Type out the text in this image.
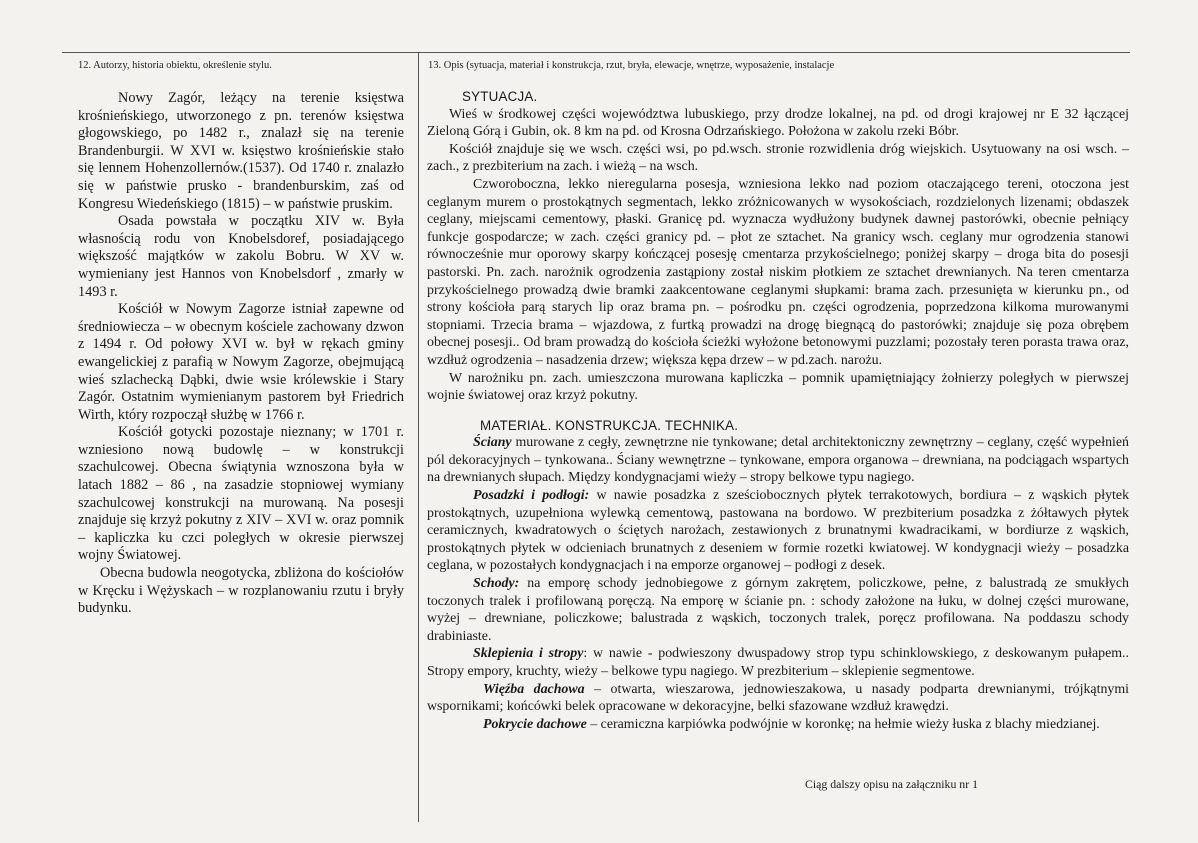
12. Autorzy, historia obiektu, określenie stylu.	13. Opis (sytuacja, materiał i konstrukcja, rzut, bryła, elewacje, wnętrze, wyposażenie, instalacje

Nowy Zagór, leżący na terenie księstwa krośnieńskiego, utworzonego z pn. terenów księstwa głogowskiego, po 1482 r., znalazł się na terenie Brandenburgii. W XVI w. księstwo krośnieńskie stało się lennem Hohenzollernów.(1537). Od 1740 r. znalazło się w państwie prusko - brandenburskim, zaś od Kongresu Wiedeńskiego (1815) – w państwie pruskim.

Osada powstała w początku XIV w. Była własnością rodu von Knobelsdoref, posiadającego większość majątków w zakolu Bobru. W XV w. wymieniany jest Hannos von Knobelsdorf , zmarły w 1493 r.

Kościół w Nowym Zagorze istniał zapewne od średniowiecza – w obecnym kościele zachowany dzwon z 1494 r. Od połowy XVI w. był w rękach gminy ewangelickiej z parafią w Nowym Zagorze, obejmującą wieś szlachecką Dąbki, dwie wsie królewskie i Stary Zagór. Ostatnim wymienianym pastorem był Friedrich Wirth, który rozpoczął służbę w 1766 r.

Kościół gotycki pozostaje nieznany; w 1701 r. wzniesiono nową budowlę – w konstrukcji szachulcowej. Obecna świątynia wznoszona była w latach 1882 – 86 , na zasadzie stopniowej wymiany szachulcowej konstrukcji na murowaną. Na posesji znajduje się krzyż pokutny z XIV – XVI w. oraz pomnik – kapliczka ku czci poległych w okresie pierwszej wojny Światowej.

Obecna budowla neogotycka, zbliżona do kościołów w Kręcku i Wężyskach – w rozplanowaniu rzutu i bryły budynku.

SYTUACJA.

Wieś w środkowej części województwa lubuskiego, przy drodze lokalnej, na pd. od drogi krajowej nr E 32 łączącej Zieloną Górą i Gubin, ok. 8 km na pd. od Krosna Odrzańskiego. Położona w zakolu rzeki Bóbr.

Kościół znajduje się we wsch. części wsi, po pd.wsch. stronie rozwidlenia dróg wiejskich. Usytuowany na osi wsch. – zach., z prezbiterium na zach. i wieżą – na wsch.

Czworoboczna, lekko nieregularna posesja, wzniesiona lekko nad poziom otaczającego tereni, otoczona jest ceglanym murem o prostokątnych segmentach, lekko zróżnicowanych w wysokościach, rozdzielonych lizenami; obdaszek ceglany, miejscami cementowy, płaski. Granicę pd. wyznacza wydłużony budynek dawnej pastorówki, obecnie pełniący funkcje gospodarcze; w zach. części granicy pd. – płot ze sztachet. Na granicy wsch. ceglany mur ogrodzenia stanowi równocześnie mur oporowy skarpy kończącej posesję cmentarza przykościelnego; poniżej skarpy – droga bita do posesji pastorski. Pn. zach. narożnik ogrodzenia zastąpiony został niskim płotkiem ze sztachet drewnianych. Na teren cmentarza przykościelnego prowadzą dwie bramki zaakcentowane ceglanymi słupkami: brama zach. przesunięta w kierunku pn., od strony kościoła parą starych lip oraz brama pn. – pośrodku pn. części ogrodzenia, poprzedzona kilkoma murowanymi stopniami. Trzecia brama – wjazdowa, z furtką prowadzi na drogę biegnącą do pastorówki; znajduje się poza obrębem obecnej posesji.. Od bram prowadzą do kościoła ścieżki wyłożone betonowymi puzzlami; pozostały teren porasta trawa oraz, wzdłuż ogrodzenia – nasadzenia drzew; większa kępa drzew – w pd.zach. narożu.

W narożniku pn. zach. umieszczona murowana kapliczka – pomnik upamiętniający żołnierzy poległych w pierwszej wojnie światowej oraz krzyż pokutny.

MATERIAŁ. KONSTRUKCJA. TECHNIKA.

Ściany murowane z cegły, zewnętrzne nie tynkowane; detal architektoniczny zewnętrzny – ceglany, część wypełnień pól dekoracyjnych – tynkowana.. Ściany wewnętrzne – tynkowane, empora organowa – drewniana, na podciągach wspartych na drewnianych słupach. Między kondygnacjami wieży – stropy belkowe typu nagiego.

Posadzki i podłogi: w nawie posadzka z sześciobocznych płytek terrakotowych, bordiura – z wąskich płytek prostokątnych, uzupełniona wylewką cementową, pastowana na bordowo. W prezbiterium posadzka z żółtawych płytek ceramicznych, kwadratowych o ściętych narożach, zestawionych z brunatnymi kwadracikami, w bordiurze z wąskich, prostokątnych płytek w odcieniach brunatnych z deseniem w formie rozetki kwiatowej. W kondygnacji wieży – posadzka ceglana, w pozostałych kondygnacjach i na emporze organowej – podłogi z desek.

Schody: na emporę schody jednobiegowe z górnym zakrętem, policzkowe, pełne, z balustradą ze smukłych toczonych tralek i profilowaną poręczą. Na emporę w ścianie pn. : schody założone na łuku, w dolnej części murowane, wyżej – drewniane, policzkowe; balustrada z wąskich, toczonych tralek, poręcz profilowana. Na poddaszu schody drabiniaste.

Sklepienia i stropy: w nawie - podwieszony dwuspadowy strop typu schinklowskiego, z deskowanym pułapem.. Stropy empory, kruchty, wieży – belkowe typu nagiego. W prezbiterium – sklepienie segmentowe.

Więźba dachowa – otwarta, wieszarowa, jednowieszakowa, u nasady podparta drewnianymi, trójkątnymi wspornikami; końcówki belek opracowane w dekoracyjne, belki sfazowane wzdłuż krawędzi.

Pokrycie dachowe – ceramiczna karpiówka podwójnie w koronkę; na hełmie wieży łuska z blachy miedzianej.

Ciąg dalszy opisu na załączniku nr 1
